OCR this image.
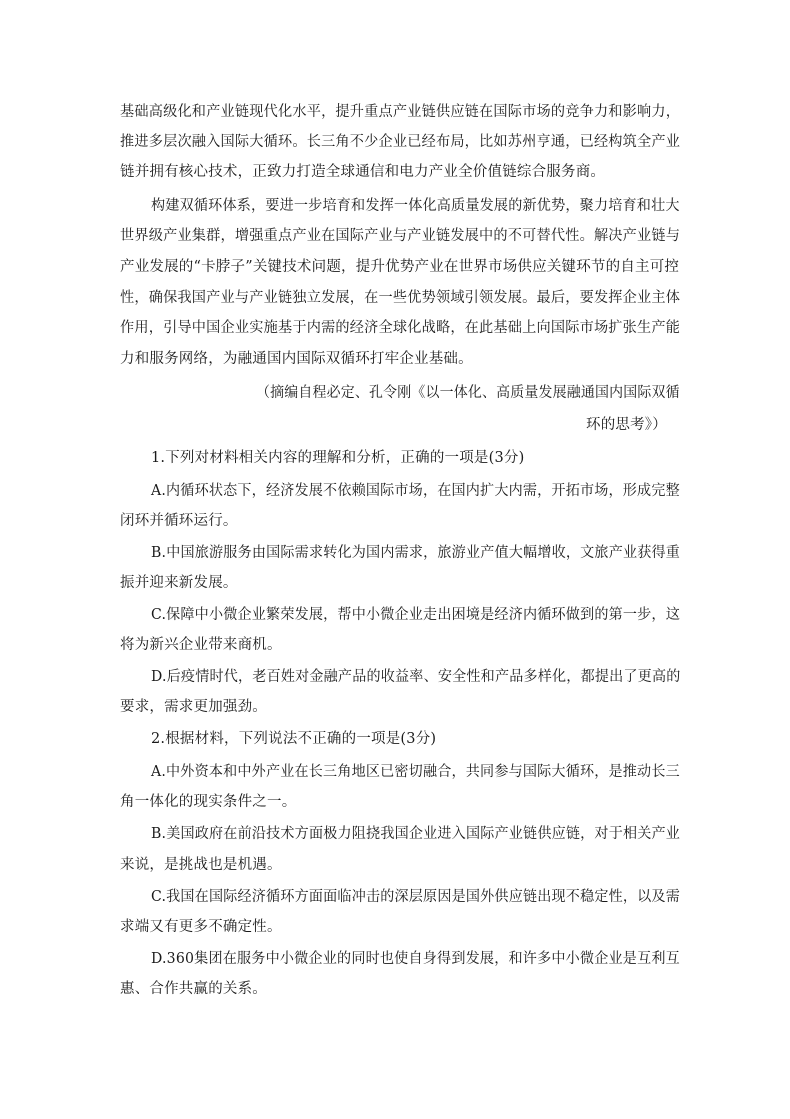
基础高级化和产业链现代化水平，提升重点产业链供应链在国际市场的竞争力和影响力，
推进多层次融入国际大循环。长三角不少企业已经布局，比如苏州亨通，已经构筑全产业
链并拥有核心技术，正致力打造全球通信和电力产业全价值链综合服务商。
构建双循环体系，要进一步培育和发挥一体化高质量发展的新优势，聚力培育和壮大
世界级产业集群，增强重点产业在国际产业与产业链发展中的不可替代性。解决产业链与
产业发展的“卡脖子”关键技术问题，提升优势产业在世界市场供应关键环节的自主可控
性，确保我国产业与产业链独立发展，在一些优势领域引领发展。最后，要发挥企业主体
作用，引导中国企业实施基于内需的经济全球化战略，在此基础上向国际市场扩张生产能
力和服务网络，为融通国内国际双循环打牢企业基础。
（摘编自程必定、孔令刚《以一体化、高质量发展融通国内国际双循
环的思考》）
1.下列对材料相关内容的理解和分析，正确的一项是(3分)
A.内循环状态下，经济发展不依赖国际市场，在国内扩大内需，开拓市场，形成完整
闭环并循环运行。
B.中国旅游服务由国际需求转化为国内需求，旅游业产值大幅增收，文旅产业获得重
振并迎来新发展。
C.保障中小微企业繁荣发展，帮中小微企业走出困境是经济内循环做到的第一步，这
将为新兴企业带来商机。
D.后疫情时代，老百姓对金融产品的收益率、安全性和产品多样化，都提出了更高的
要求，需求更加强劲。
2.根据材料，下列说法不正确的一项是(3分)
A.中外资本和中外产业在长三角地区已密切融合，共同参与国际大循环，是推动长三
角一体化的现实条件之一。
B.美国政府在前沿技术方面极力阻挠我国企业进入国际产业链供应链，对于相关产业
来说，是挑战也是机遇。
C.我国在国际经济循环方面面临冲击的深层原因是国外供应链出现不稳定性，以及需
求端又有更多不确定性。
D.360集团在服务中小微企业的同时也使自身得到发展，和许多中小微企业是互利互
惠、合作共赢的关系。
